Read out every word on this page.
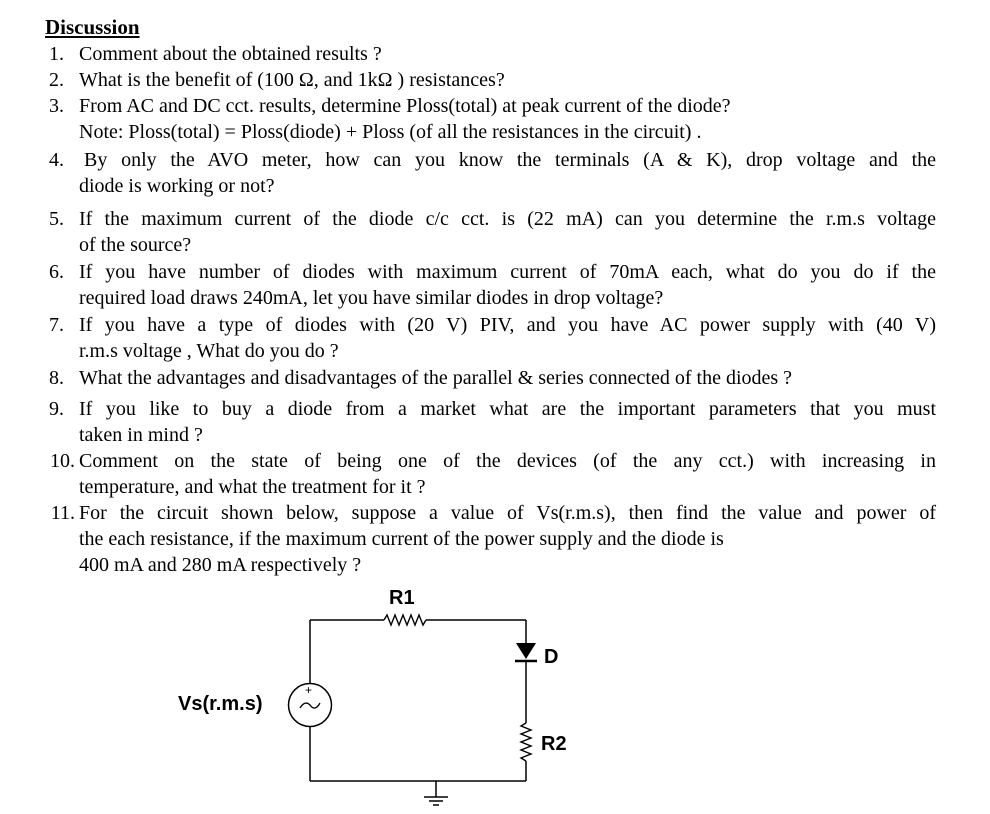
Discussion
1. Comment about the obtained results ?
2. What is the benefit of (100 Ω, and 1kΩ ) resistances?
3. From AC and DC cct. results, determine Ploss(total) at peak current of the diode?
Note: Ploss(total) = Ploss(diode) + Ploss (of all the resistances in the circuit) .
4. By only the AVO meter, how can you know the terminals (A & K), drop voltage and the
diode is working or not?
5. If the maximum current of the diode c/c cct. is (22 mA) can you determine the r.m.s voltage
of the source?
6. If you have number of diodes with maximum current of 70mA each, what do you do if the
required load draws 240mA, let you have similar diodes in drop voltage?
7. If you have a type of diodes with (20 V) PIV, and you have AC power supply with (40 V)
r.m.s voltage , What do you do ?
8. What the advantages and disadvantages of the parallel & series connected of the diodes ?
9. If you like to buy a diode from a market what are the important parameters that you must
taken in mind ?
10. Comment on the state of being one of the devices (of the any cct.) with increasing in
temperature, and what the treatment for it ?
11. For the circuit shown below, suppose a value of Vs(r.m.s), then find the value and power of
the each resistance, if the maximum current of the power supply and the diode is
400 mA and 280 mA respectively ?
+
R1
D
R2
Vs(r.m.s)
